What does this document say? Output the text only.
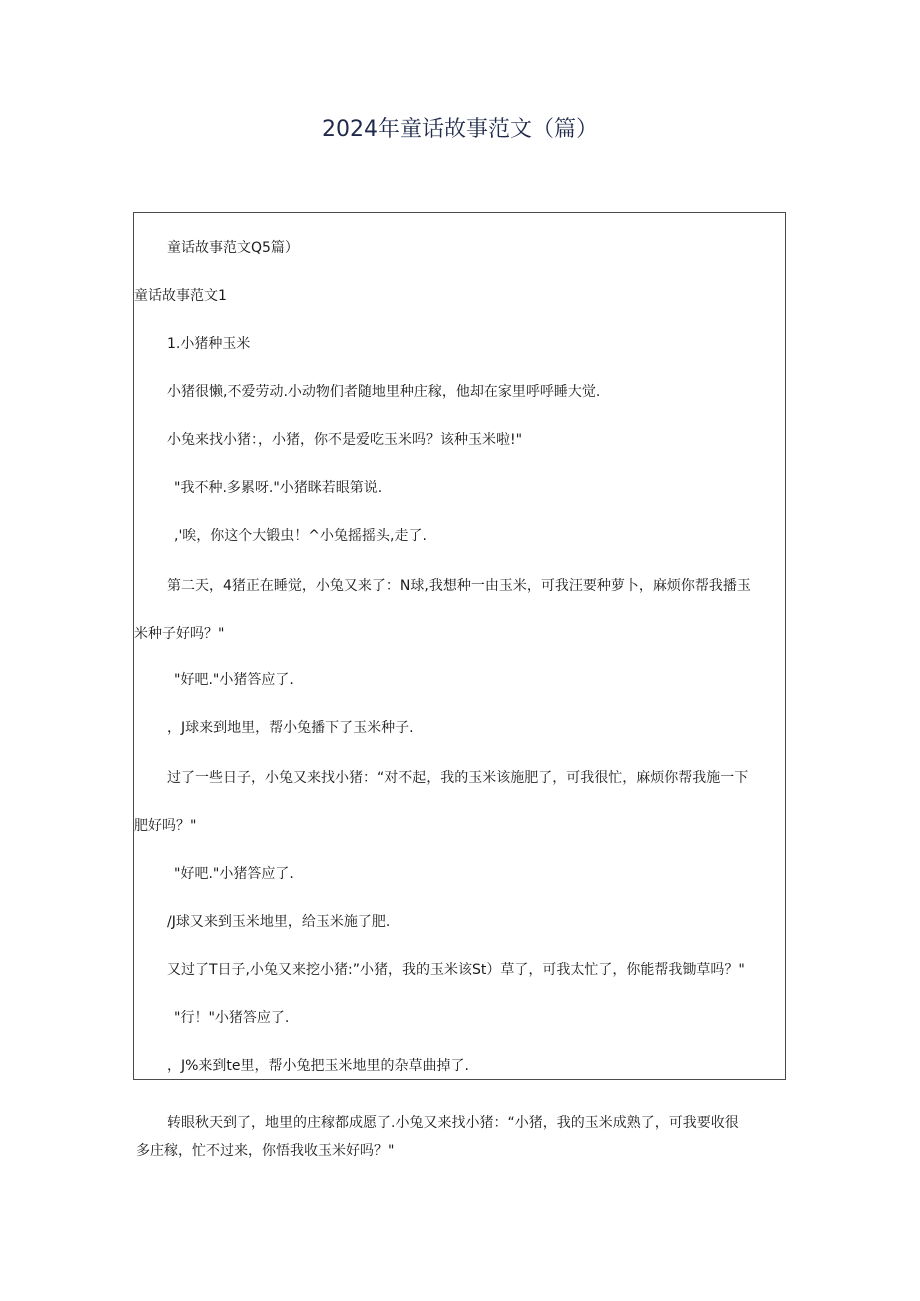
2024年童话故事范文（篇）
童话故事范文Q5篇）
童话故事范文1
1.小猪种玉米
小猪很懒,不爱劳动.小动物们者随地里种庄稼，他却在家里呼呼睡大觉.
小兔来找小猪：，小猪，你不是爱吃玉米吗？该种玉米啦!"
"我不种.多累呀."小猪眯若眼第说.
,'唉，你这个大锻虫！^小兔摇摇头,走了.
第二天，4猪正在睡觉，小兔又来了：N球,我想种一由玉米，可我汪要种萝卜，麻烦你帮我播玉
米种子好吗？"
"好吧."小猪答应了.
，J球来到地里，帮小兔播下了玉米种子.
过了一些日子，小兔又来找小猪：“对不起，我的玉米该施肥了，可我很忙，麻烦你帮我施一下
肥好吗？"
"好吧."小猪答应了.
/J球又来到玉米地里，给玉米施了肥.
又过了T日子,小兔又来挖小猪:”小猪，我的玉米该St）草了，可我太忙了，你能帮我锄草吗？"
"行！"小猪答应了.
，J%来到te里，帮小兔把玉米地里的杂草曲掉了.
转眼秋天到了，地里的庄稼都成愿了.小兔又来找小猪：“小猪，我的玉米成熟了，可我要收很
多庄稼，忙不过来，你悟我收玉米好吗？"
